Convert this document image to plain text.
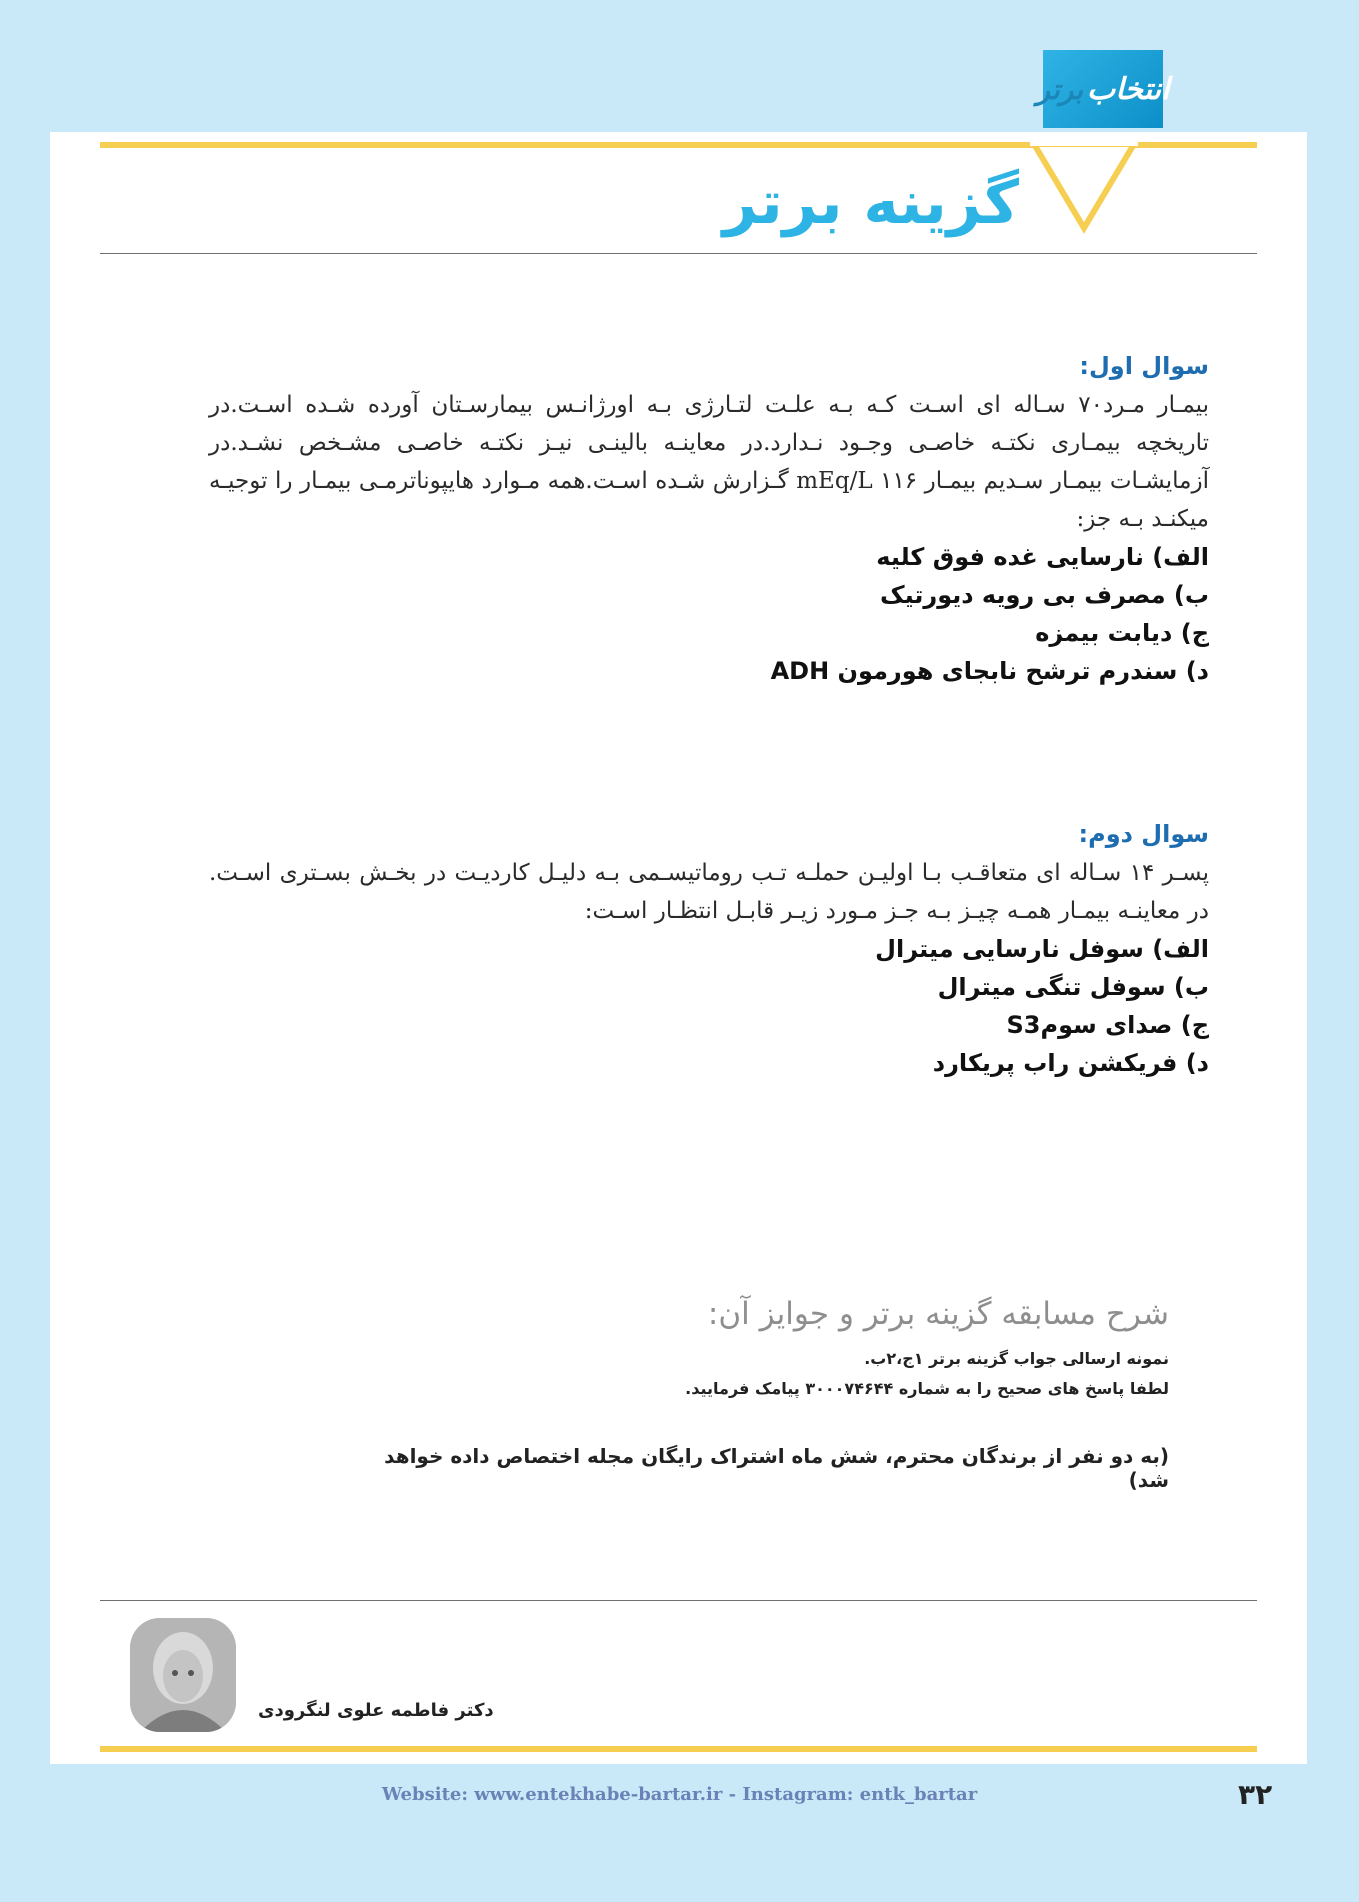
انتخاب
برتر
گزینه برتر
سوال اول:
بیمـار مـرد۷۰ سـاله ای اسـت کـه بـه علـت لتـارژی بـه اورژانـس بیمارسـتان آورده شـده اسـت.در تاریخچه بیمـاری نکتـه خاصـی وجـود نـدارد.در معاینـه بالینـی نیـز نکتـه خاصـی مشـخص نشـد.در آزمایشـات بیمـار سـدیم بیمـار ۱۱۶ mEq/L گـزارش شـده اسـت.همه مـوارد هایپوناترمـی بیمـار را توجیـه میکنـد بـه جز:
الف) نارسایی غده فوق کلیه
ب) مصرف بی رویه دیورتیک
ج) دیابت بیمزه
د) سندرم ترشح نابجای هورمون ADH
سوال دوم:
پسـر ۱۴ سـاله ای متعاقـب بـا اولیـن حملـه تـب روماتیسـمی بـه دلیـل کاردیـت در بخـش بسـتری اسـت. در معاینـه بیمـار همـه چیـز بـه جـز مـورد زیـر قابـل انتظـار اسـت:
الف) سوفل نارسایی میترال
ب) سوفل تنگی میترال
ج) صدای سومS3
د) فریکشن راب پریکارد
شرح مسابقه گزینه برتر و جوایز آن:
نمونه ارسالی جواب گزینه برتر ۱ج،۲ب.
لطفا پاسخ های صحیح را به شماره ۳۰۰۰۷۴۶۴۴ پیامک فرمایید.
(به دو نفر از برندگان محترم، شش ماه اشتراک رایگان مجله اختصاص داده خواهد شد)
دکتر فاطمه علوی لنگرودی
Website: www.entekhabe-bartar.ir - Instagram: entk_bartar	۳۲
